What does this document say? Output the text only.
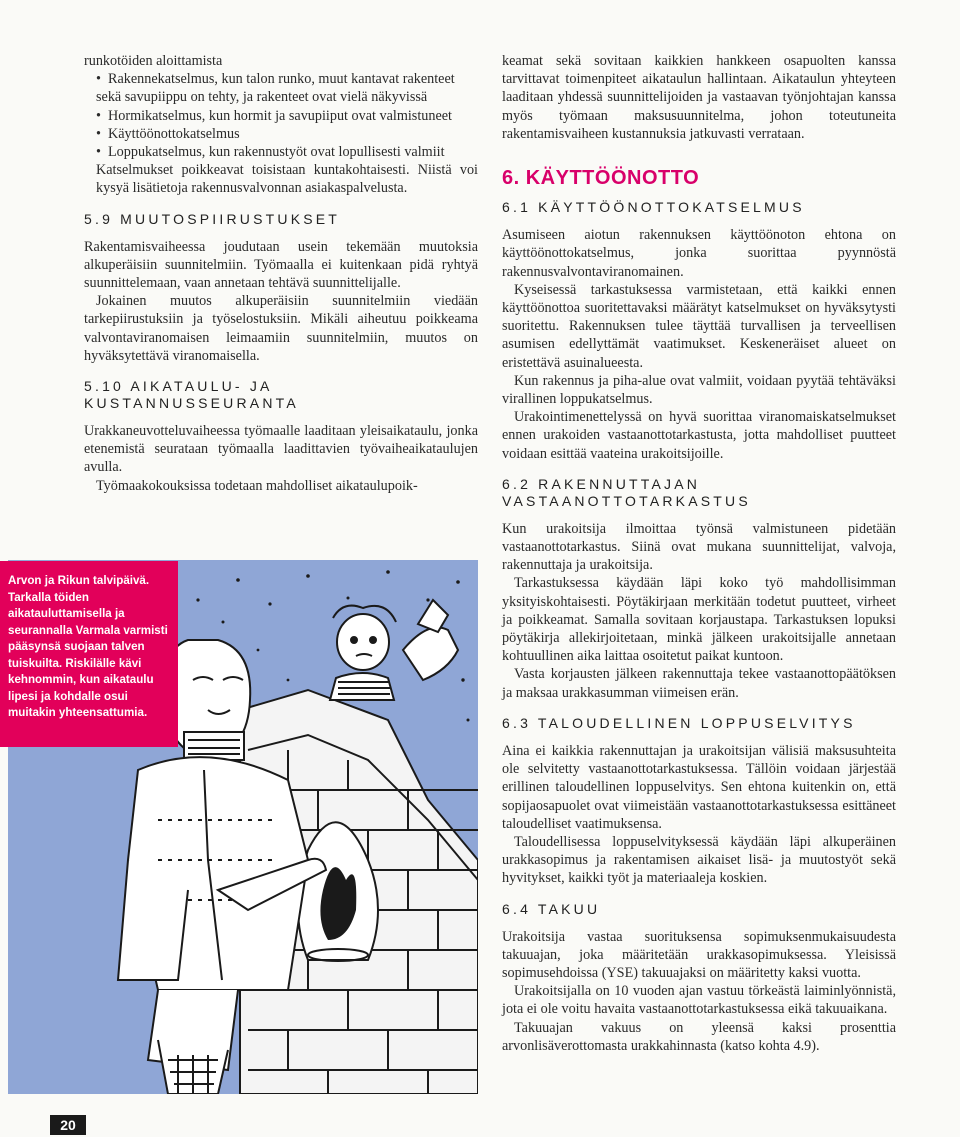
runkotöiden aloittamista

• Rakennekatselmus, kun talon runko, muut kantavat rakenteet sekä savupiippu on tehty, ja rakenteet ovat vielä näkyvissä
• Hormikatselmus, kun hormit ja savupiiput ovat valmistuneet
• Käyttöönottokatselmus
• Loppukatselmus, kun rakennustyöt ovat lopullisesti valmiit

Katselmukset poikkeavat toisistaan kuntakohtaisesti. Niistä voi kysyä lisätietoja rakennusvalvonnan asiakaspalvelusta.

5.9 MUUTOSPIIRUSTUKSET

Rakentamisvaiheessa joudutaan usein tekemään muutoksia alkuperäisiin suunnitelmiin. Työmaalla ei kuitenkaan pidä ryhtyä suunnittelemaan, vaan annetaan tehtävä suunnittelijalle.

Jokainen muutos alkuperäisiin suunnitelmiin viedään tarkepiirustuksiin ja työselostuksiin. Mikäli aiheutuu poikkeama valvontaviranomaisen leimaamiin suunnitelmiin, muutos on hyväksytettävä viranomaisella.

5.10 AIKATAULU- JA KUSTANNUSSEURANTA

Urakkaneuvotteluvaiheessa työmaalle laaditaan yleisaikataulu, jonka etenemistä seurataan työmaalla laadittavien työvaiheaikataulujen avulla.

Työmaakokouksissa todetaan mahdolliset aikataulupoik-

Arvon ja Rikun talvipäivä. Tarkalla töiden aikatauluttamisella ja seurannalla Varmala varmisti pääsynsä suojaan talven tuiskuilta. Riskilälle kävi kehnommin, kun aikataulu lipesi ja kohdalle osui muitakin yhteensattumia.

keamat sekä sovitaan kaikkien hankkeen osapuolten kanssa tarvittavat toimenpiteet aikataulun hallintaan. Aikataulun yhteyteen laaditaan yhdessä suunnittelijoiden ja vastaavan työnjohtajan kanssa myös työmaan maksusuunnitelma, johon toteutuneita rakentamisvaiheen kustannuksia jatkuvasti verrataan.

6. KÄYTTÖÖNOTTO
6.1 KÄYTTÖÖNOTTOKATSELMUS

Asumiseen aiotun rakennuksen käyttöönoton ehtona on käyttöönottokatselmus, jonka suorittaa pyynnöstä rakennusvalvontaviranomainen.

Kyseisessä tarkastuksessa varmistetaan, että kaikki ennen käyttöönottoa suoritettavaksi määrätyt katselmukset on hyväksytysti suoritettu. Rakennuksen tulee täyttää turvallisen ja terveellisen asumisen edellyttämät vaatimukset. Keskeneräiset alueet on eristettävä asuinalueesta.

Kun rakennus ja piha-alue ovat valmiit, voidaan pyytää tehtäväksi virallinen loppukatselmus.

Urakointimenettelyssä on hyvä suorittaa viranomaiskatselmukset ennen urakoiden vastaanottotarkastusta, jotta mahdolliset puutteet voidaan esittää vaateina urakoitsijoille.

6.2 RAKENNUTTAJAN
VASTAANOTTOTARKASTUS

Kun urakoitsija ilmoittaa työnsä valmistuneen pidetään vastaanottotarkastus. Siinä ovat mukana suunnittelijat, valvoja, rakennuttaja ja urakoitsija.

Tarkastuksessa käydään läpi koko työ mahdollisimman yksityiskohtaisesti. Pöytäkirjaan merkitään todetut puutteet, virheet ja poikkeamat. Samalla sovitaan korjaustapa. Tarkastuksen lopuksi pöytäkirja allekirjoitetaan, minkä jälkeen urakoitsijalle annetaan kohtuullinen aika laittaa osoitetut paikat kuntoon.

Vasta korjausten jälkeen rakennuttaja tekee vastaanottopäätöksen ja maksaa urakkasumman viimeisen erän.

6.3 TALOUDELLINEN LOPPUSELVITYS

Aina ei kaikkia rakennuttajan ja urakoitsijan välisiä maksusuhteita ole selvitetty vastaanottotarkastuksessa. Tällöin voidaan järjestää erillinen taloudellinen loppuselvitys. Sen ehtona kuitenkin on, että sopijaosapuolet ovat viimeistään vastaanottotarkastuksessa esittäneet taloudelliset vaatimuksensa.

Taloudellisessa loppuselvityksessä käydään läpi alkuperäinen urakkasopimus ja rakentamisen aikaiset lisä- ja muutostyöt sekä hyvitykset, kaikki työt ja materiaaleja koskien.

6.4 TAKUU

Urakoitsija vastaa suorituksensa sopimuksenmukaisuudesta takuuajan, joka määritetään urakkasopimuksessa. Yleisissä sopimusehdoissa (YSE) takuuajaksi on määritetty kaksi vuotta.

Urakoitsijalla on 10 vuoden ajan vastuu törkeästä laiminlyönnistä, jota ei ole voitu havaita vastaanottotarkastuksessa eikä takuuaikana.

Takuuajan vakuus on yleensä kaksi prosenttia arvonlisäverottomasta urakkahinnasta (katso kohta 4.9).

20
